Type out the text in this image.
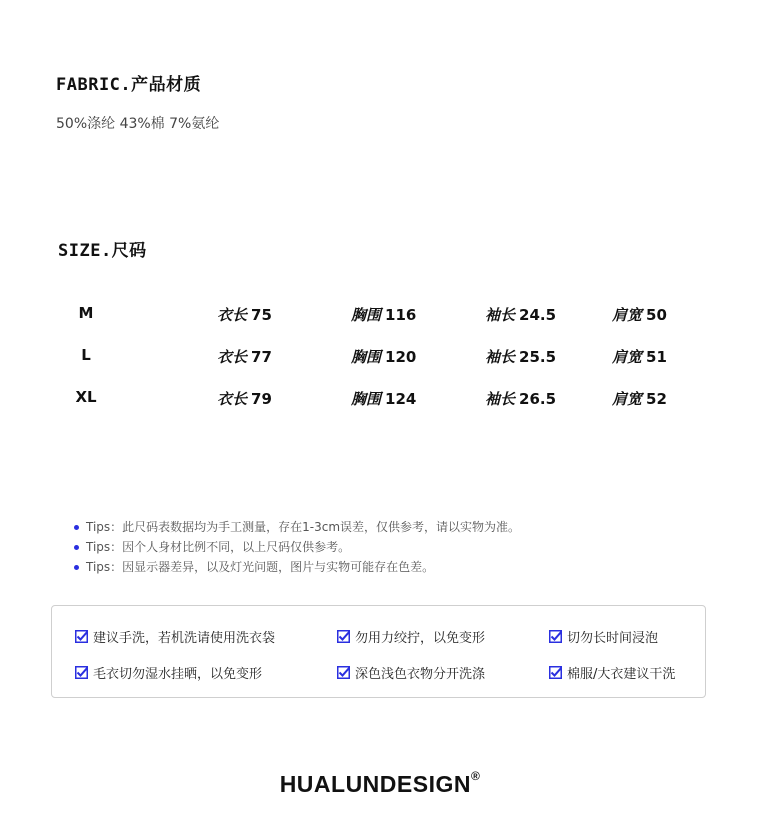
FABRIC.产品材质
50%涤纶 43%棉 7%氨纶
SIZE.尺码
M	衣长 75	胸围 116	袖长 24.5	肩宽 50
L	衣长 77	胸围 120	袖长 25.5	肩宽 51
XL	衣长 79	胸围 124	袖长 26.5	肩宽 52
Tips：此尺码表数据均为手工测量，存在1-3cm误差，仅供参考，请以实物为准。
Tips：因个人身材比例不同，以上尺码仅供参考。
Tips：因显示器差异，以及灯光问题，图片与实物可能存在色差。
建议手洗，若机洗请使用洗衣袋	勿用力绞拧，以免变形	切勿长时间浸泡
毛衣切勿湿水挂晒，以免变形	深色浅色衣物分开洗涤	棉服/大衣建议干洗
HUALUNDESIGN®
